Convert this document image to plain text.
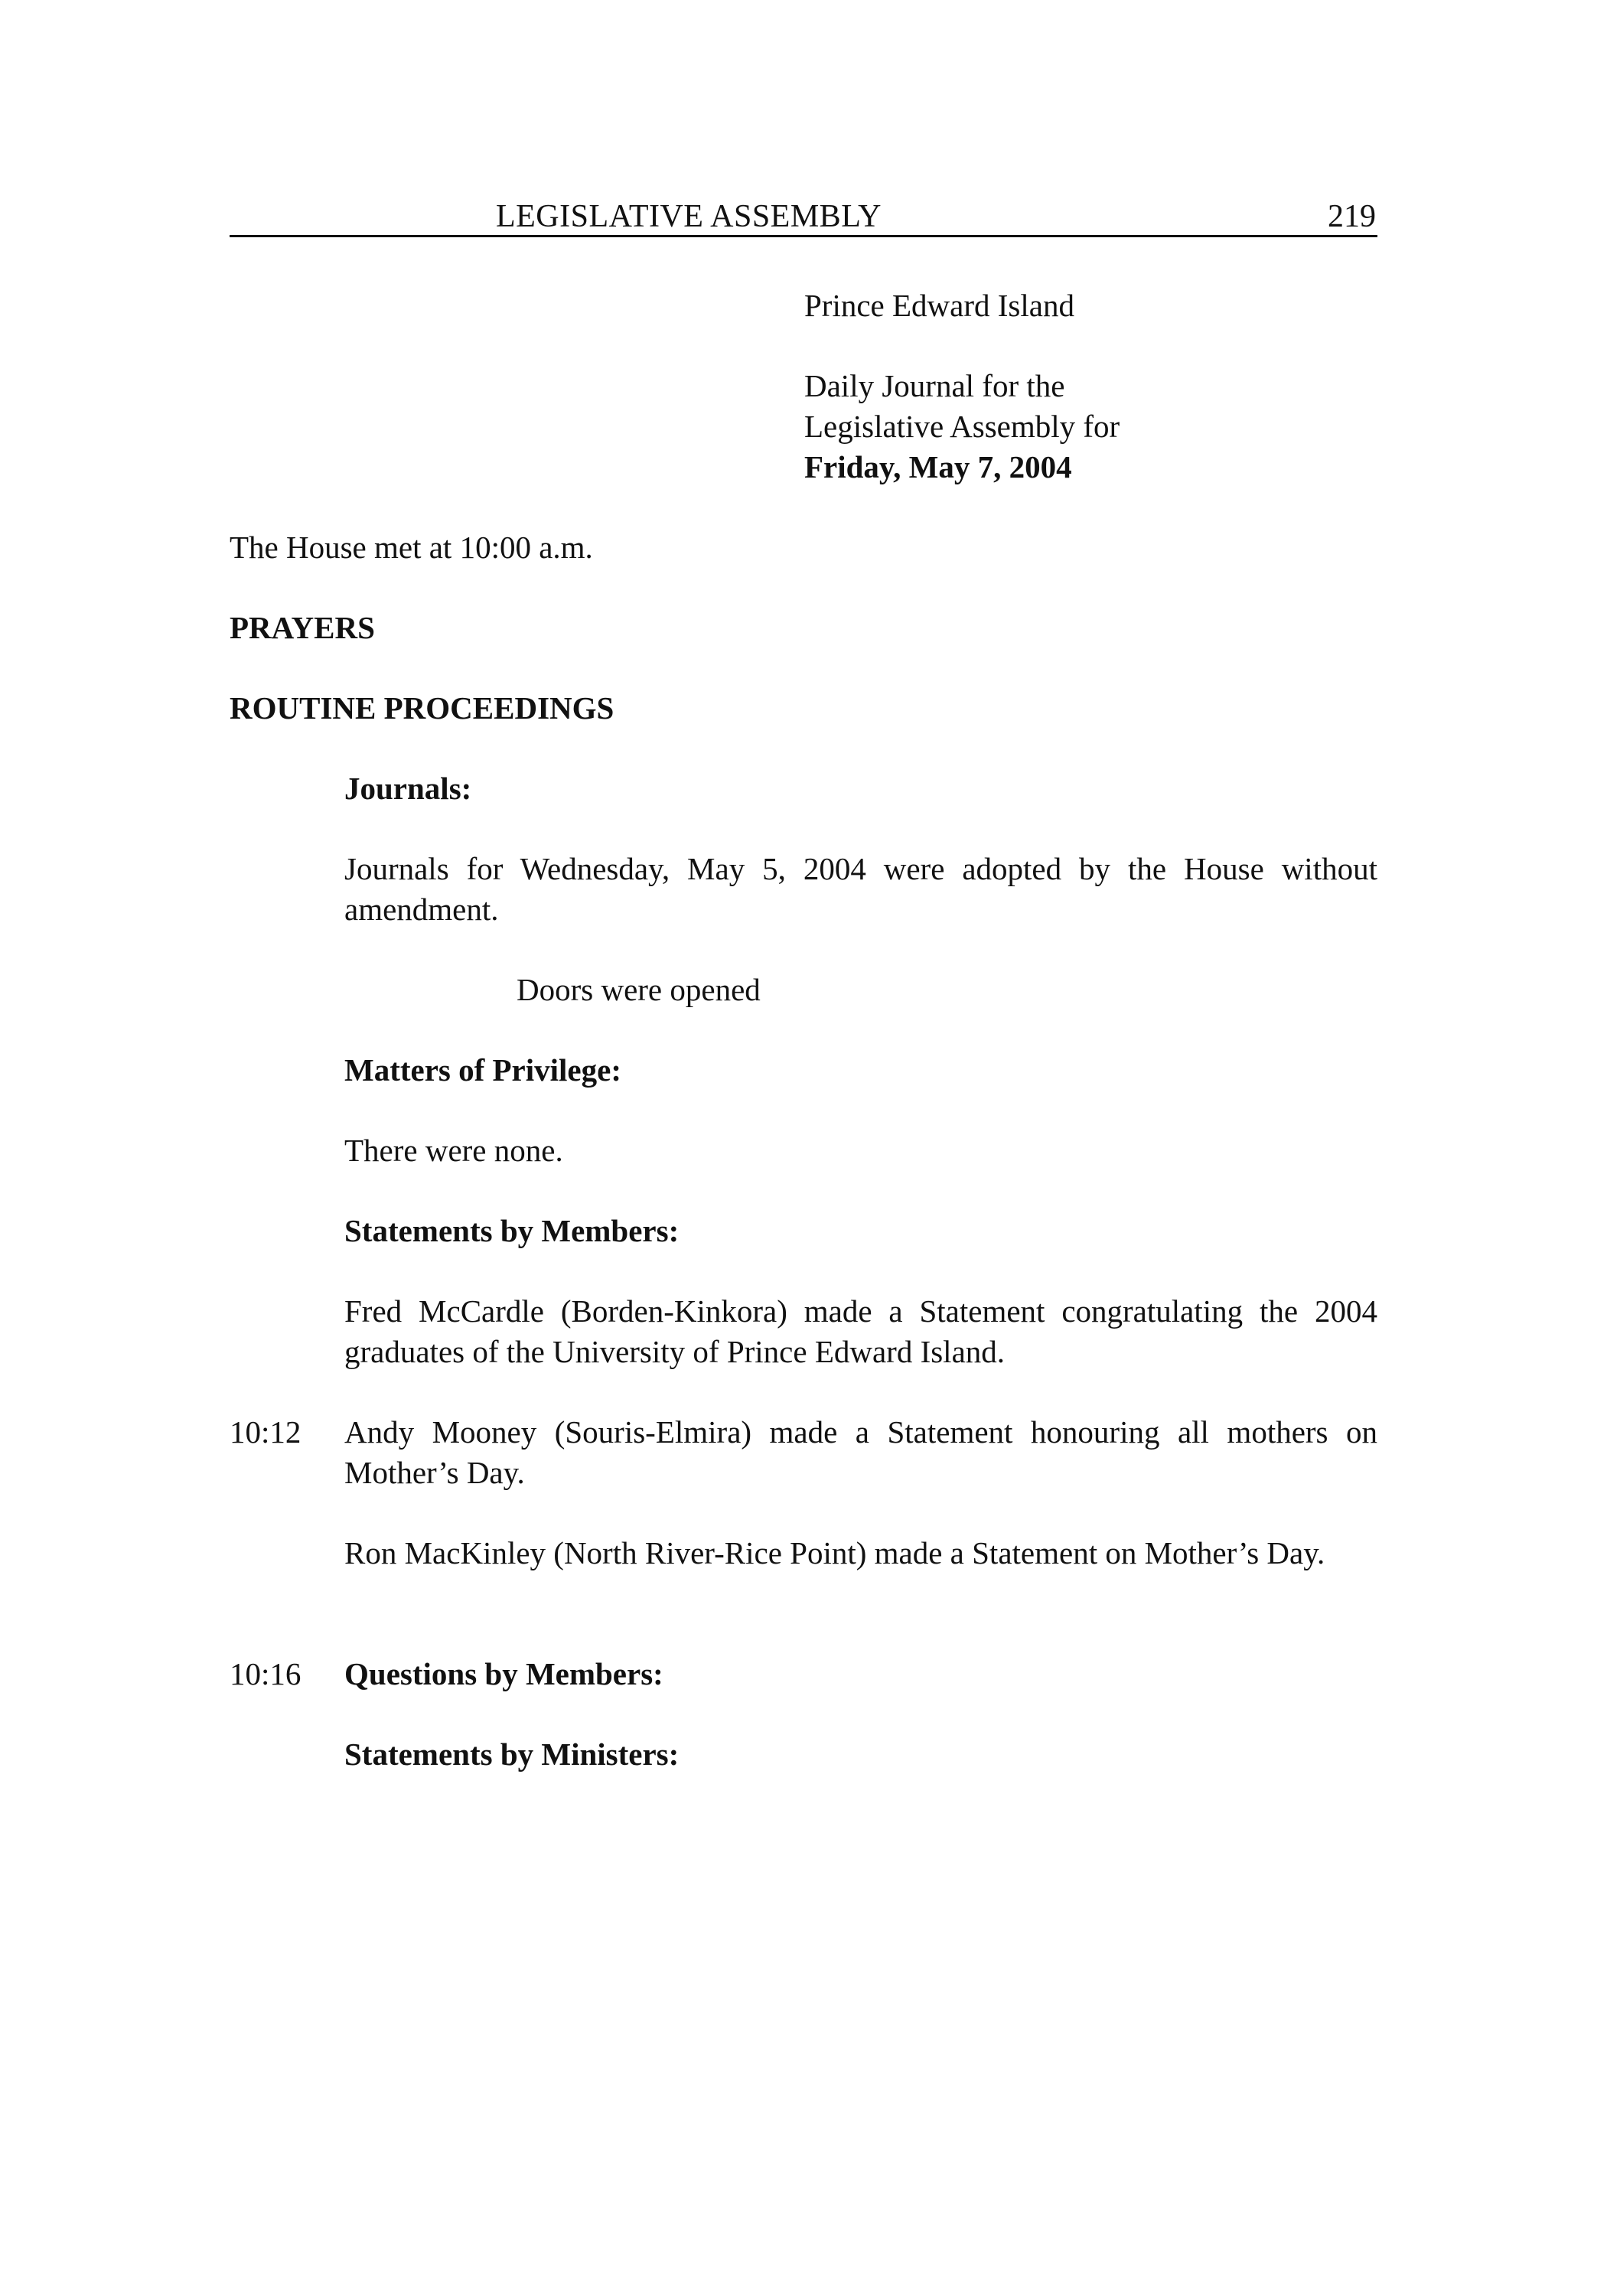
LEGISLATIVE ASSEMBLY	219
Prince Edward Island
Daily Journal for the
Legislative Assembly for
Friday, May 7, 2004
The House met at 10:00 a.m.
PRAYERS
ROUTINE PROCEEDINGS
Journals:
Journals for Wednesday, May 5, 2004 were adopted by the House without amendment.
Doors were opened
Matters of Privilege:
There were none.
Statements by Members:
Fred McCardle (Borden-Kinkora) made a Statement congratulating the 2004 graduates of the University of Prince Edward Island.
10:12 Andy Mooney (Souris-Elmira) made a Statement honouring all mothers on Mother’s Day.
Ron MacKinley (North River-Rice Point) made a Statement on Mother’s Day.
10:16 Questions by Members:
Statements by Ministers:
